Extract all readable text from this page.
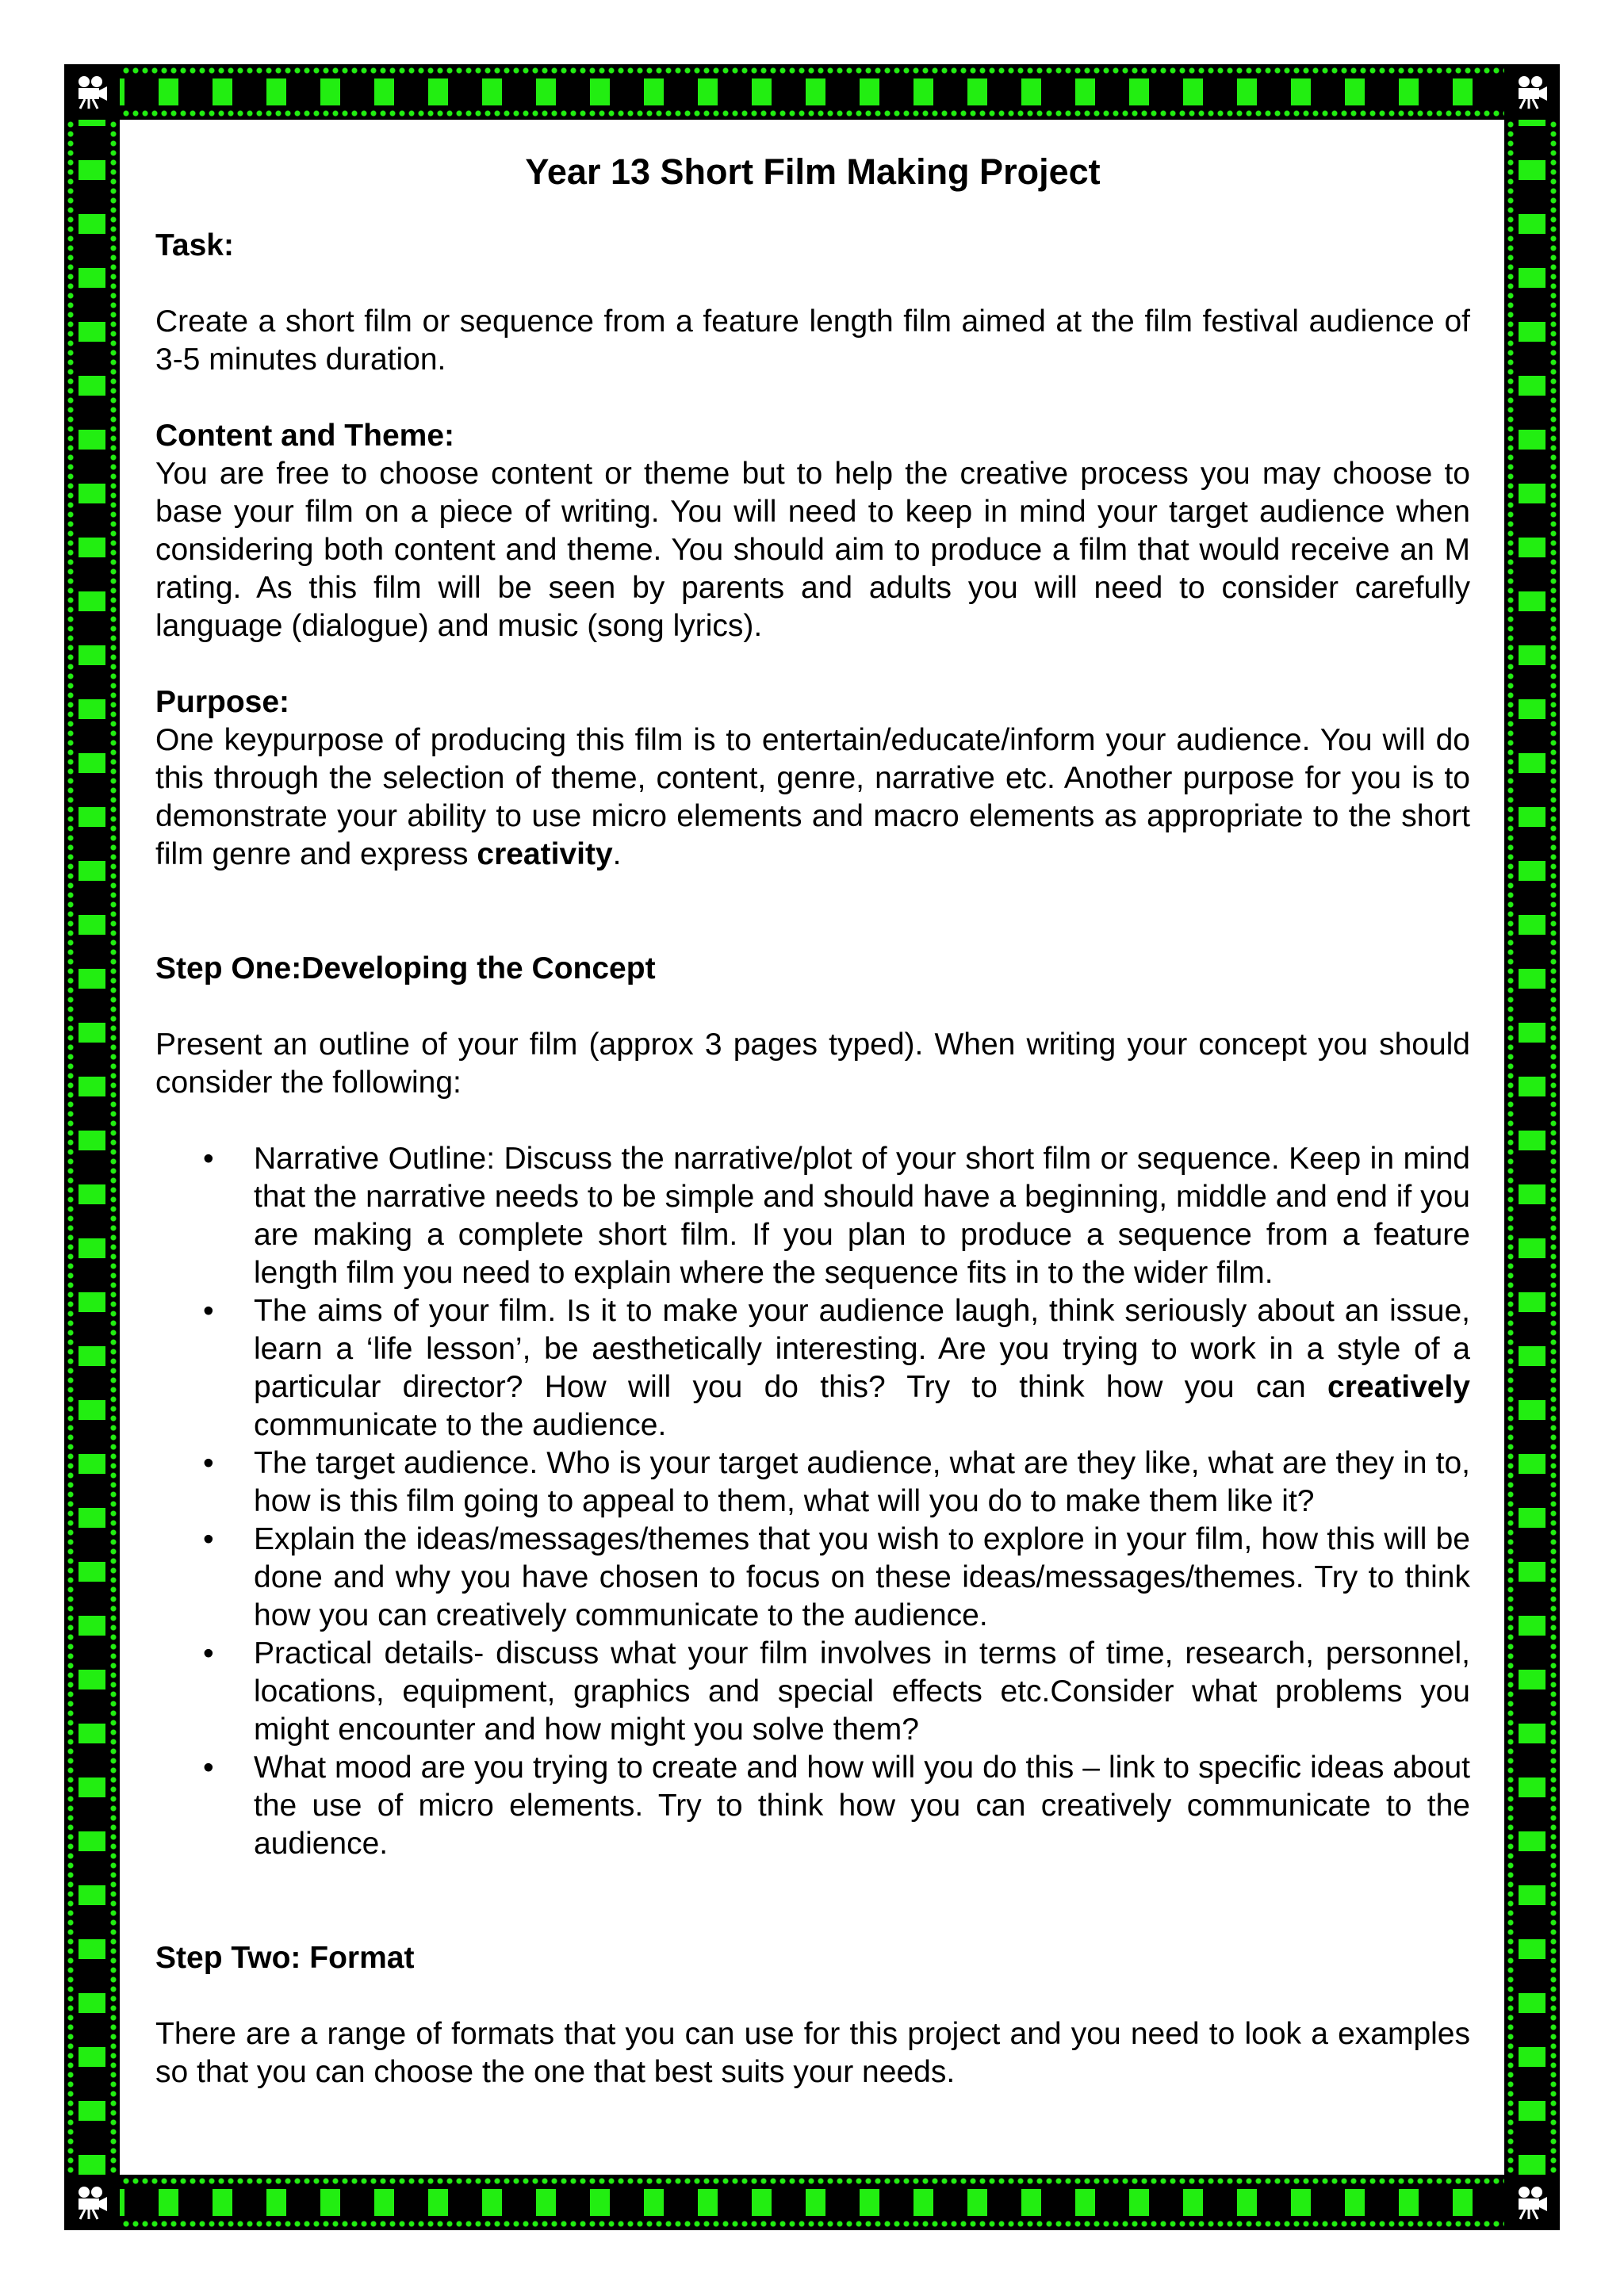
Year 13 Short Film Making Project
Task:

Create a short film or sequence from a feature length film aimed at the film festival audience of 3-5 minutes duration.

Content and Theme:

You are free to choose content or theme but to help the creative process you may choose to base your film on a piece of writing. You will need to keep in mind your target audience when considering both content and theme. You should aim to produce a film that would receive an M rating. As this film will be seen by parents and adults you will need to consider carefully language (dialogue) and music (song lyrics).

Purpose:

One keypurpose of producing this film is to entertain/educate/inform your audience. You will do this through the selection of theme, content, genre, narrative etc. Another purpose for you is to demonstrate your ability to use micro elements and macro elements as appropriate to the short film genre and express creativity.

Step One:Developing the Concept

Present an outline of your film (approx 3 pages typed). When writing your concept you should consider the following:

• Narrative Outline: Discuss the narrative/plot of your short film or sequence. Keep in mind that the narrative needs to be simple and should have a beginning, middle and end if you are making a complete short film. If you plan to produce a sequence from a feature length film you need to explain where the sequence fits in to the wider film.
• The aims of your film. Is it to make your audience laugh, think seriously about an issue, learn a ‘life lesson’, be aesthetically interesting. Are you trying to work in a style of a particular director? How will you do this? Try to think how you can creatively communicate to the audience.
• The target audience. Who is your target audience, what are they like, what are they in to, how is this film going to appeal to them, what will you do to make them like it?
• Explain the ideas/messages/themes that you wish to explore in your film, how this will be done and why you have chosen to focus on these ideas/messages/themes. Try to think how you can creatively communicate to the audience.
• Practical details- discuss what your film involves in terms of time, research, personnel, locations, equipment, graphics and special effects etc.Consider what problems you might encounter and how might you solve them?
• What mood are you trying to create and how will you do this – link to specific ideas about the use of micro elements. Try to think how you can creatively communicate to the audience.
Step Two: Format

There are a range of formats that you can use for this project and you need to look a examples so that you can choose the one that best suits your needs.
